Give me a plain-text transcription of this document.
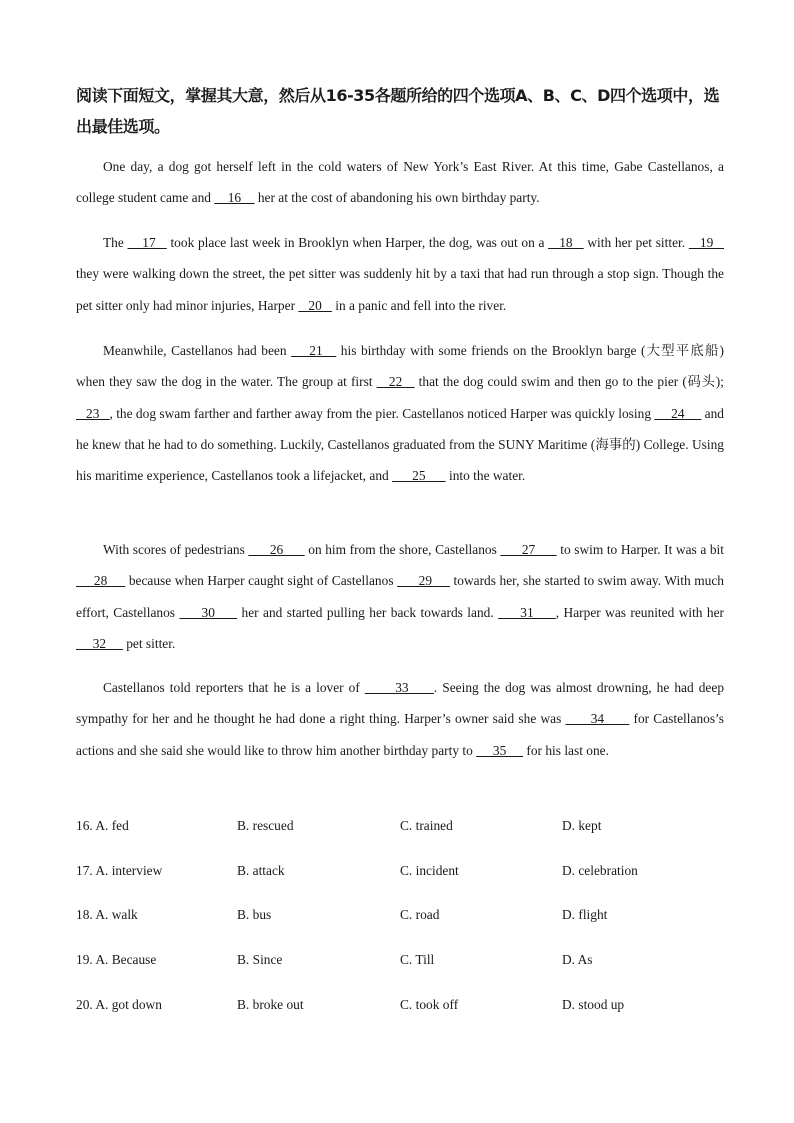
阅读下面短文，掌握其大意，然后从16-35各题所给的四个选项A、B、C、D四个选项中，选出最佳选项。
One day, a dog got herself left in the cold waters of New York’s East River. At this time, Gabe Castellanos, a college student came and     16     her at the cost of abandoning his own birthday party.
The     17    took place last week in Brooklyn when Harper, the dog, was out on a    18    with her pet sitter.    19    they were walking down the street, the pet sitter was suddenly hit by a taxi that had run through a stop sign. Though the pet sitter only had minor injuries, Harper    20    in a panic and fell into the river.
Meanwhile, Castellanos had been     21    his birthday with some friends on the Brooklyn barge (大型平底船) when they saw the dog in the water. The group at first    22    that the dog could swim and then go to the pier (码头);    23   , the dog swam farther and farther away from the pier. Castellanos noticed Harper was quickly losing      24      and he knew that he had to do something. Luckily, Castellanos graduated from the SUNY Maritime (海事的) College. Using his maritime experience, Castellanos took a lifejacket, and       25       into the water.
With scores of pedestrians       26       on him from the shore, Castellanos       27       to swim to Harper. It was a bit      28      because when Harper caught sight of Castellanos       29      towards her, she started to swim away. With much effort, Castellanos      30      her and started pulling her back towards land.      31     , Harper was reunited with her      32      pet sitter.
Castellanos told reporters that he is a lover of       33     . Seeing the dog was almost drowning, he had deep sympathy for her and he thought he had done a right thing. Harper’s owner said she was       34       for Castellanos’s actions and she said she would like to throw him another birthday party to      35      for his last one.
16. A. fed	B. rescued	C. trained	D. kept
17. A. interview	B. attack	C. incident	D. celebration
18. A. walk	B. bus	C. road	D. flight
19. A. Because	B. Since	C. Till	D. As
20. A. got down	B. broke out	C. took off	D. stood up
